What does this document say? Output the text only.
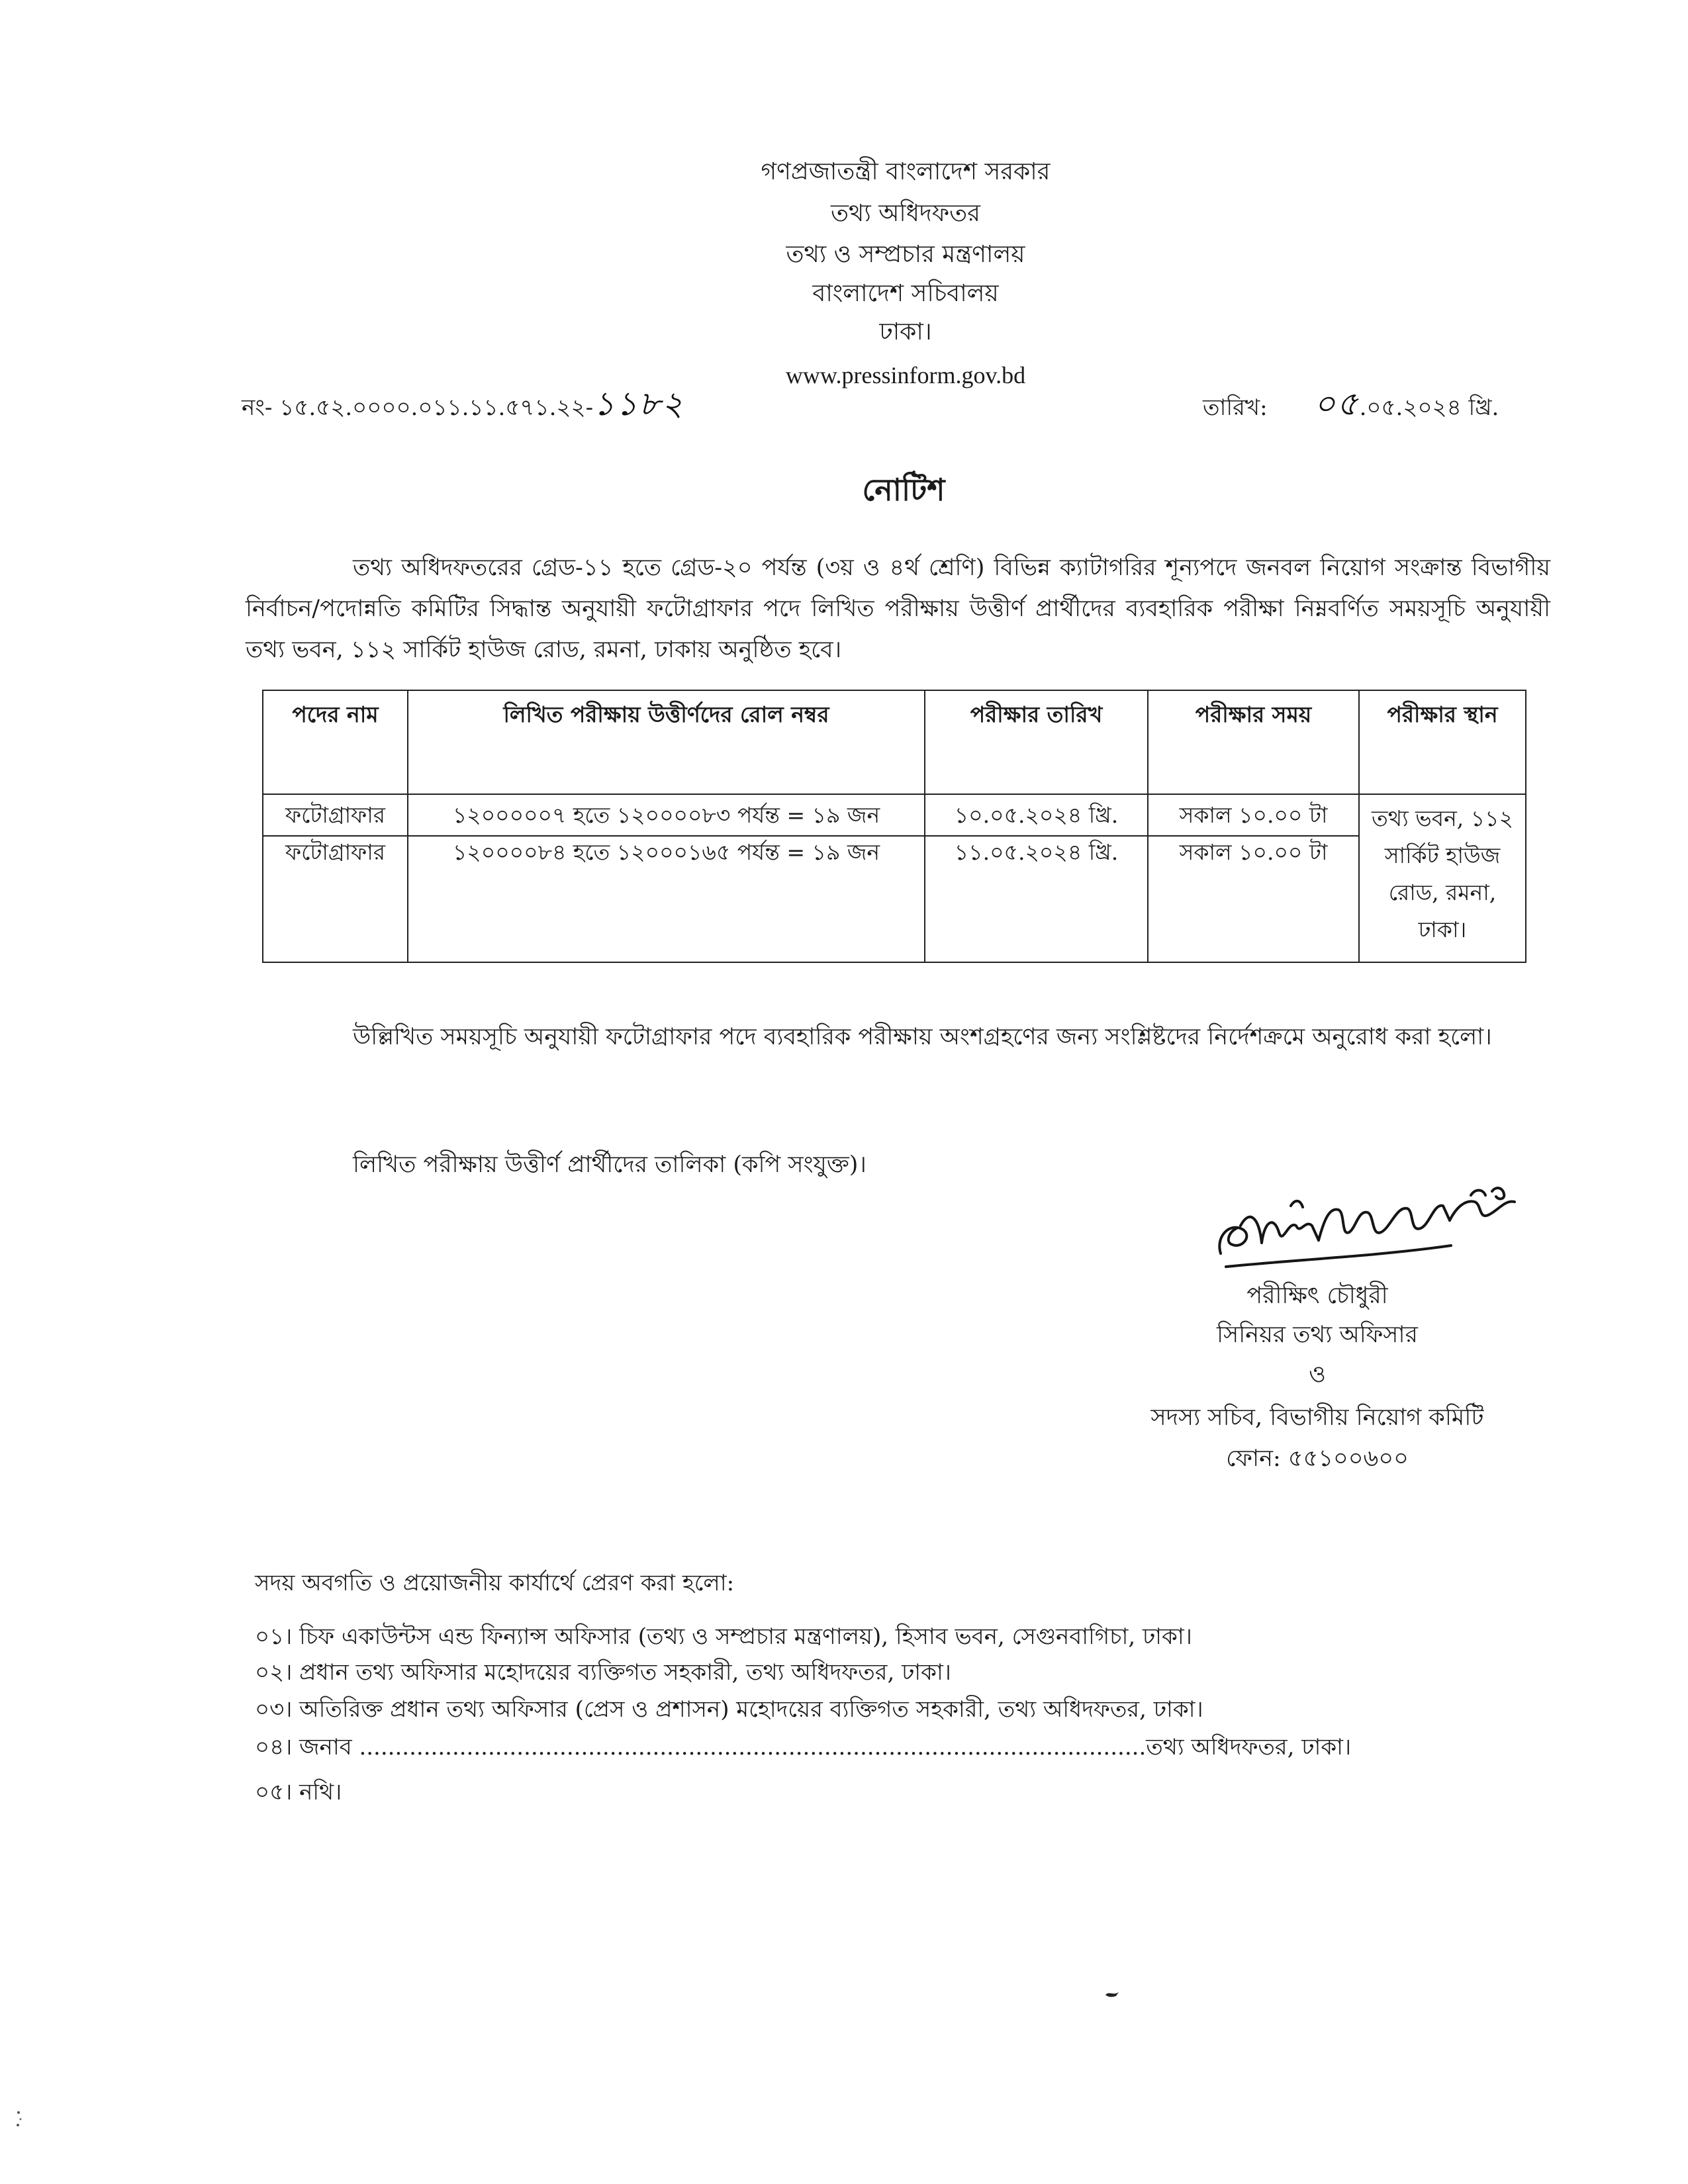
গণপ্রজাতন্ত্রী বাংলাদেশ সরকার
তথ্য অধিদফতর
তথ্য ও সম্প্রচার মন্ত্রণালয়
বাংলাদেশ সচিবালয়
ঢাকা।
www.pressinform.gov.bd
নং- ১৫.৫২.০০০০.০১১.১১.৫৭১.২২- ১১৮২	তারিখ: ০৫ .০৫.২০২৪ খ্রি.
নোটিশ
তথ্য অধিদফতরের গ্রেড-১১ হতে গ্রেড-২০ পর্যন্ত (৩য় ও ৪র্থ শ্রেণি) বিভিন্ন ক্যাটাগরির শূন্যপদে জনবল নিয়োগ সংক্রান্ত বিভাগীয় নির্বাচন/পদোন্নতি কমিটির সিদ্ধান্ত অনুযায়ী ফটোগ্রাফার পদে লিখিত পরীক্ষায় উত্তীর্ণ প্রার্থীদের ব্যবহারিক পরীক্ষা নিম্নবর্ণিত সময়সূচি অনুযায়ী তথ্য ভবন, ১১২ সার্কিট হাউজ রোড, রমনা, ঢাকায় অনুষ্ঠিত হবে।
পদের নাম	লিখিত পরীক্ষায় উত্তীর্ণদের রোল নম্বর	পরীক্ষার তারিখ	পরীক্ষার সময়	পরীক্ষার স্থান
ফটোগ্রাফার	১২০০০০০৭ হতে ১২০০০০৮৩ পর্যন্ত = ১৯ জন	১০.০৫.২০২৪ খ্রি.	সকাল ১০.০০ টা	তথ্য ভবন, ১১২ সার্কিট হাউজ রোড, রমনা, ঢাকা।
ফটোগ্রাফার	১২০০০০৮৪ হতে ১২০০০১৬৫ পর্যন্ত = ১৯ জন	১১.০৫.২০২৪ খ্রি.	সকাল ১০.০০ টা	
উল্লিখিত সময়সূচি অনুযায়ী ফটোগ্রাফার পদে ব্যবহারিক পরীক্ষায় অংশগ্রহণের জন্য সংশ্লিষ্টদের নির্দেশক্রমে অনুরোধ করা হলো।
লিখিত পরীক্ষায় উত্তীর্ণ প্রার্থীদের তালিকা (কপি সংযুক্ত)।
পরীক্ষিৎ চৌধুরী
সিনিয়র তথ্য অফিসার
ও
সদস্য সচিব, বিভাগীয় নিয়োগ কমিটি
ফোন: ৫৫১০০৬০০
সদয় অবগতি ও প্রয়োজনীয় কার্যার্থে প্রেরণ করা হলো:
০১। চিফ একাউন্টস এন্ড ফিন্যান্স অফিসার (তথ্য ও সম্প্রচার মন্ত্রণালয়), হিসাব ভবন, সেগুনবাগিচা, ঢাকা।
০২। প্রধান তথ্য অফিসার মহোদয়ের ব্যক্তিগত সহকারী, তথ্য অধিদফতর, ঢাকা।
০৩। অতিরিক্ত প্রধান তথ্য অফিসার (প্রেস ও প্রশাসন) মহোদয়ের ব্যক্তিগত সহকারী, তথ্য অধিদফতর, ঢাকা।
০৪। জনাব ..............................................................................................................তথ্য অধিদফতর, ঢাকা।
০৫। নথি।
